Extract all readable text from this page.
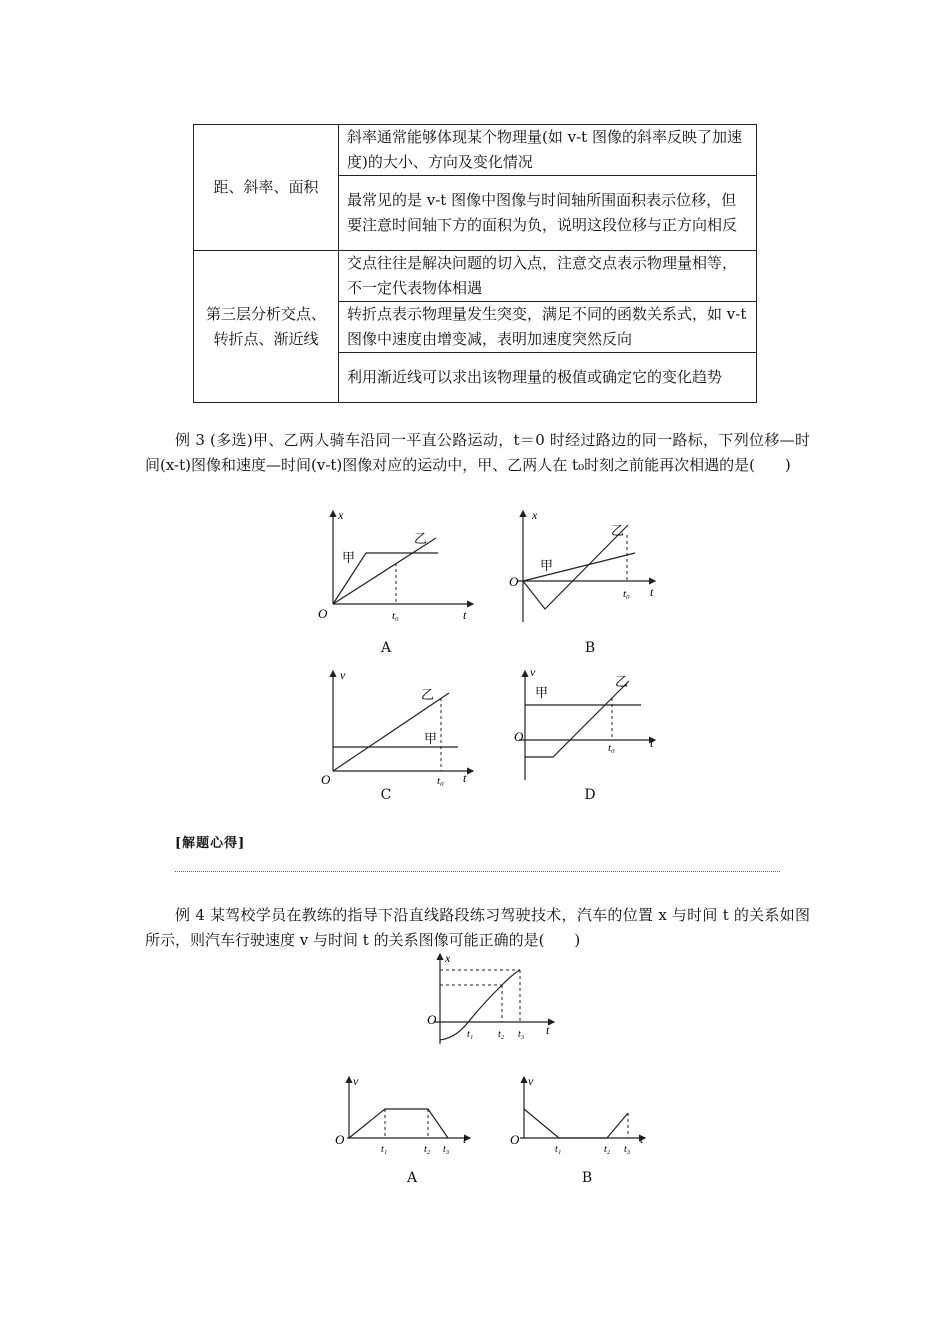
距、斜率、面积	斜率通常能够体现某个物理量(如 v-t 图像的斜率反映了加速度)的大小、方向及变化情况
	最常见的是 v-t 图像中图像与时间轴所围面积表示位移，但要注意时间轴下方的面积为负，说明这段位移与正方向相反
第三层分析交点、转折点、渐近线	交点往往是解决问题的切入点，注意交点表示物理量相等，不一定代表物体相遇
	转折点表示物理量发生突变，满足不同的函数关系式，如 v-t 图像中速度由增变减，表明加速度突然反向
	利用渐近线可以求出该物理量的极值或确定它的变化趋势

例 3 (多选)甲、乙两人骑车沿同一平直公路运动，t＝0 时经过路边的同一路标，下列位移—时间(x-t)图像和速度—时间(v-t)图像对应的运动中，甲、乙两人在 t₀时刻之前能再次相遇的是(　　)

x
t
O	t₀
甲
乙
A
x
t
O
t₀
甲
乙
B
v
t
O	t₀
甲
乙
C
v
t
O
t₀
甲
乙
D
[解题心得]

例 4 某驾校学员在教练的指导下沿直线路段练习驾驶技术，汽车的位置 x 与时间 t 的关系如图所示，则汽车行驶速度 v 与时间 t 的关系图像可能正确的是(　　)

x
t
O
t₁ t₂ t₃
v
t
O
t₁	t₂ t₃
A
v
t
O
t₁	t₂ t₃
B
